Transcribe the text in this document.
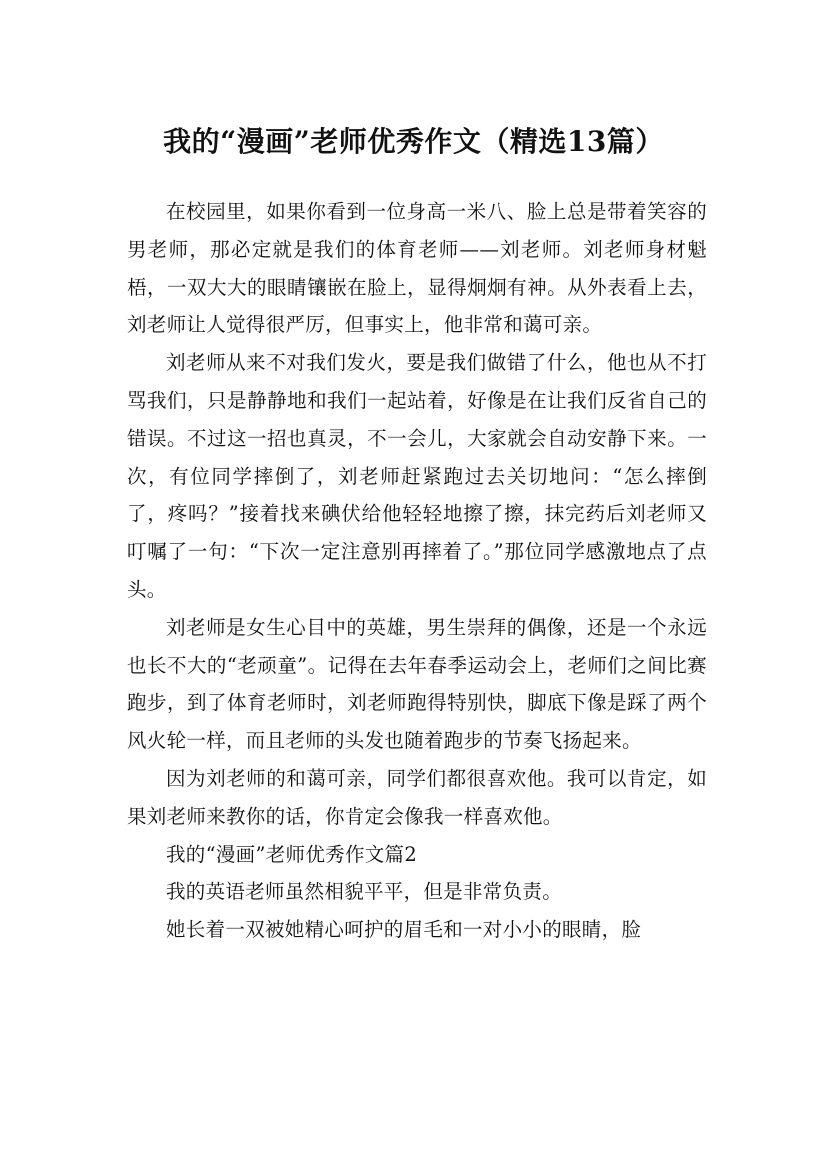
我的“漫画”老师优秀作文（精选13篇）

在校园里，如果你看到一位身高一米八、脸上总是带着笑容的男老师，那必定就是我们的体育老师——刘老师。刘老师身材魁梧，一双大大的眼睛镶嵌在脸上，显得炯炯有神。从外表看上去，刘老师让人觉得很严厉，但事实上，他非常和蔼可亲。

刘老师从来不对我们发火，要是我们做错了什么，他也从不打骂我们，只是静静地和我们一起站着，好像是在让我们反省自己的错误。不过这一招也真灵，不一会儿，大家就会自动安静下来。一次，有位同学摔倒了，刘老师赶紧跑过去关切地问：“怎么摔倒了，疼吗？”接着找来碘伏给他轻轻地擦了擦，抹完药后刘老师又叮嘱了一句：“下次一定注意别再摔着了。”那位同学感激地点了点头。

刘老师是女生心目中的英雄，男生崇拜的偶像，还是一个永远也长不大的“老顽童”。记得在去年春季运动会上，老师们之间比赛跑步，到了体育老师时，刘老师跑得特别快，脚底下像是踩了两个风火轮一样，而且老师的头发也随着跑步的节奏飞扬起来。

因为刘老师的和蔼可亲，同学们都很喜欢他。我可以肯定，如果刘老师来教你的话，你肯定会像我一样喜欢他。

我的“漫画”老师优秀作文篇2

我的英语老师虽然相貌平平，但是非常负责。

她长着一双被她精心呵护的眉毛和一对小小的眼睛，脸
